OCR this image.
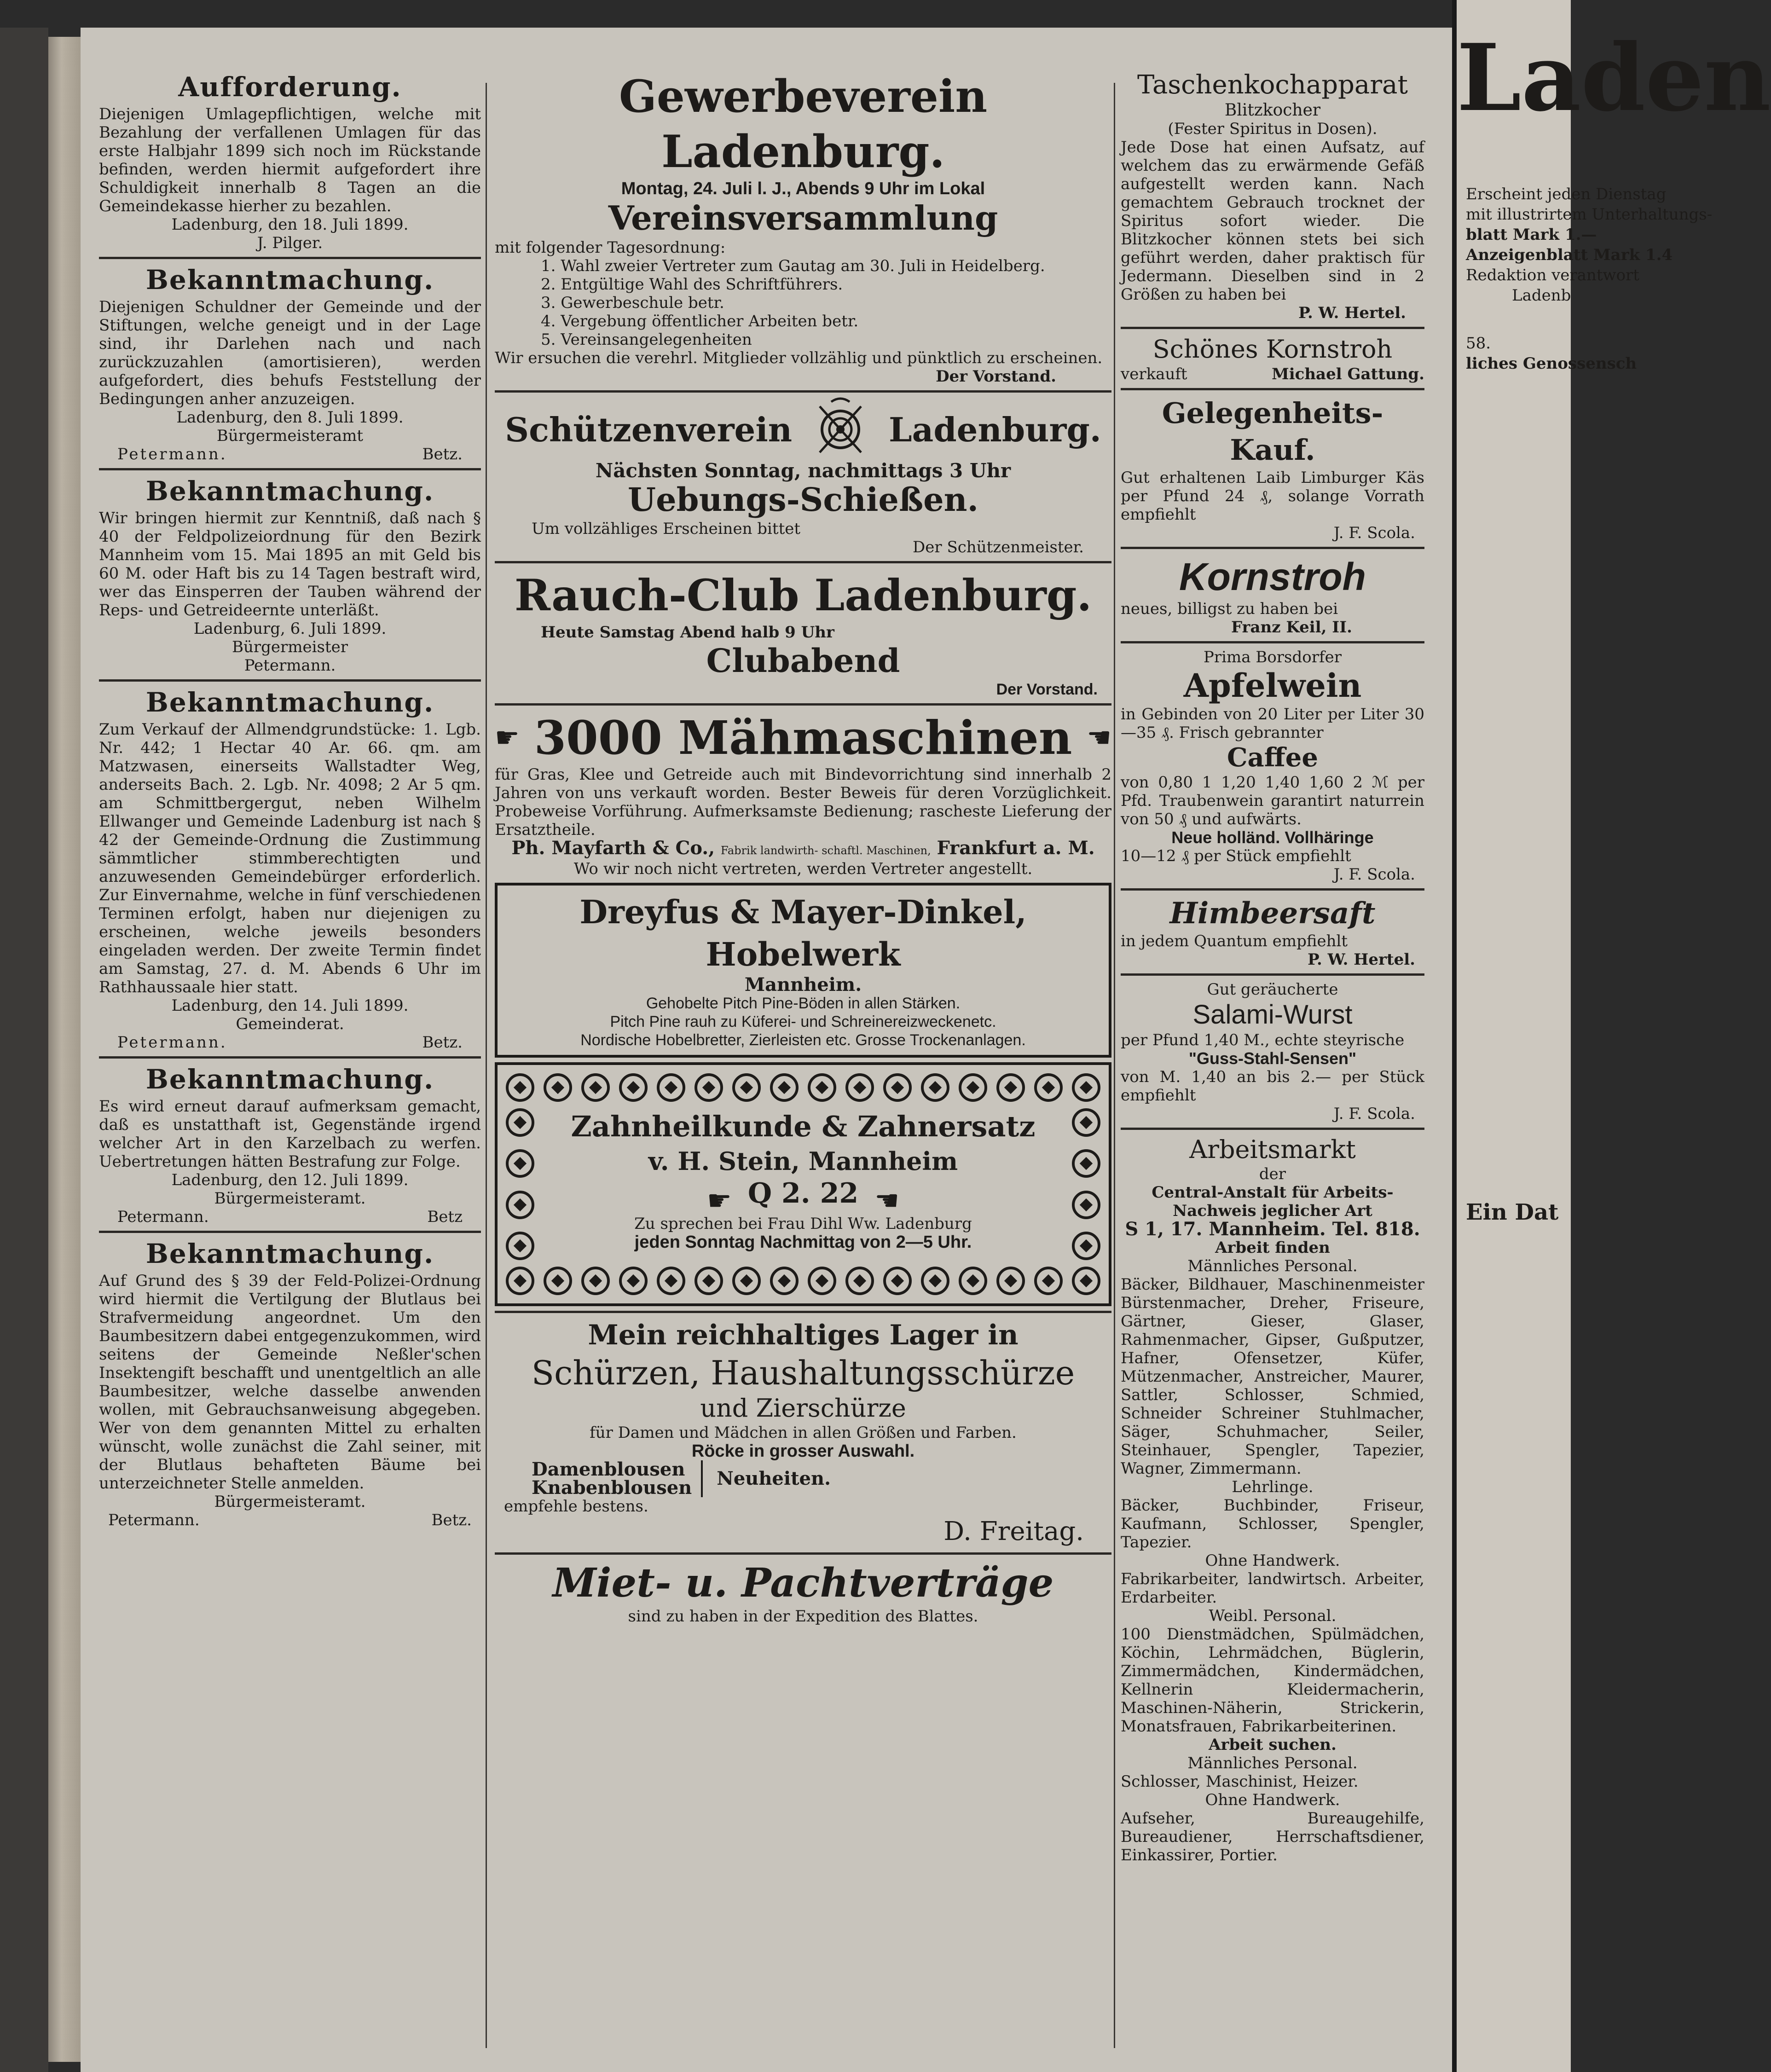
Aufforderung.

Diejenigen Umlagepflichtigen, welche mit Bezahlung der verfallenen Umlagen für das erste Halbjahr 1899 sich noch im Rückstande befinden, werden hiermit aufgefordert ihre Schuldigkeit innerhalb 8 Tagen an die Gemeindekasse hierher zu bezahlen.

Ladenburg, den 18. Juli 1899.

J. Pilger.

Bekanntmachung.

Diejenigen Schuldner der Gemeinde und der Stiftungen, welche geneigt und in der Lage sind, ihr Darlehen nach und nach zurückzuzahlen (amortisieren), werden aufgefordert, dies behufs Feststellung der Bedingungen anher anzuzeigen.

Ladenburg, den 8. Juli 1899.

Bürgermeisteramt

Petermann.	Betz.

Bekanntmachung.

Wir bringen hiermit zur Kenntniß, daß nach § 40 der Feldpolizeiordnung für den Bezirk Mannheim vom 15. Mai 1895 an mit Geld bis 60 M. oder Haft bis zu 14 Tagen bestraft wird, wer das Einsperren der Tauben während der Reps- und Getreideernte unterläßt.

Ladenburg, 6. Juli 1899.

Bürgermeister

Petermann.

Bekanntmachung.

Zum Verkauf der Allmendgrundstücke: 1. Lgb. Nr. 442; 1 Hectar 40 Ar. 66. qm. am Matzwasen, einerseits Wallstadter Weg, anderseits Bach. 2. Lgb. Nr. 4098; 2 Ar 5 qm. am Schmittbergergut, neben Wilhelm Ellwanger und Gemeinde Ladenburg ist nach § 42 der Gemeinde-Ordnung die Zustimmung sämmtlicher stimmberechtigten und anzuwesenden Gemeindebürger erforderlich. Zur Einvernahme, welche in fünf verschiedenen Terminen erfolgt, haben nur diejenigen zu erscheinen, welche jeweils besonders eingeladen werden. Der zweite Termin findet am Samstag, 27. d. M. Abends 6 Uhr im Rathhaussaale hier statt.

Ladenburg, den 14. Juli 1899.

Gemeinderat.

Petermann.	Betz.

Bekanntmachung.

Es wird erneut darauf aufmerksam gemacht, daß es unstatthaft ist, Gegenstände irgend welcher Art in den Karzelbach zu werfen. Uebertretungen hätten Bestrafung zur Folge.

Ladenburg, den 12. Juli 1899.

Bürgermeisteramt.

Petermann.	Betz

Bekanntmachung.

Auf Grund des § 39 der Feld-Polizei-Ordnung wird hiermit die Vertilgung der Blutlaus bei Strafvermeidung angeordnet. Um den Baumbesitzern dabei entgegenzukommen, wird seitens der Gemeinde Neßler'schen Insektengift beschafft und unentgeltlich an alle Baumbesitzer, welche dasselbe anwenden wollen, mit Gebrauchsanweisung abgegeben. Wer von dem genannten Mittel zu erhalten wünscht, wolle zunächst die Zahl seiner, mit der Blutlaus behafteten Bäume bei unterzeichneter Stelle anmelden.

Bürgermeisteramt.

Petermann.	Betz.

Gewerbeverein Ladenburg.

Montag, 24. Juli l. J., Abends 9 Uhr im Lokal

Vereinsversammlung

mit folgender Tagesordnung:

1. Wahl zweier Vertreter zum Gautag am 30. Juli in Heidelberg.

2. Entgültige Wahl des Schriftführers.

3. Gewerbeschule betr.

4. Vergebung öffentlicher Arbeiten betr.

5. Vereinsangelegenheiten

Wir ersuchen die verehrl. Mitglieder vollzählig und pünktlich zu erscheinen.

Der Vorstand.

Schützenverein	Ladenburg.

Nächsten Sonntag, nachmittags 3 Uhr

Uebungs-Schießen.

Um vollzähliges Erscheinen bittet

Der Schützenmeister.

Rauch-Club Ladenburg.

Heute Samstag Abend halb 9 Uhr

Clubabend

Der Vorstand.

☛ 3000 Mähmaschinen ☚

für Gras, Klee und Getreide auch mit Bindevorrichtung sind innerhalb 2 Jahren von uns verkauft worden. Bester Beweis für deren Vorzüglichkeit. Probeweise Vorführung. Aufmerksamste Bedienung; rascheste Lieferung der Ersatztheile.

Ph. Mayfarth & Co., Fabrik landwirth- schaftl. Maschinen, Frankfurt a. M.

Wo wir noch nicht vertreten, werden Vertreter angestellt.

Dreyfus & Mayer-Dinkel, Hobelwerk

Mannheim.

Gehobelte Pitch Pine-Böden in allen Stärken.

Pitch Pine rauh zu Küferei- und Schreinereizweckenetc.

Nordische Hobelbretter, Zierleisten etc. Grosse Trockenanlagen.

Zahnheilkunde & Zahnersatz

v. H. Stein, Mannheim

☛ Q 2. 22 ☚

Zu sprechen bei Frau Dihl Ww. Ladenburg

jeden Sonntag Nachmittag von 2—5 Uhr.

Mein reichhaltiges Lager in

Schürzen, Haushaltungsschürze

und Zierschürze

für Damen und Mädchen in allen Größen und Farben.

Röcke in grosser Auswahl.

Damenblousen

Knabenblousen	Neuheiten.

empfehle bestens.

D. Freitag.

Miet- u. Pachtverträge

sind zu haben in der Expedition des Blattes.

Taschenkochapparat

Blitzkocher

(Fester Spiritus in Dosen).

Jede Dose hat einen Aufsatz, auf welchem das zu erwärmende Gefäß aufgestellt werden kann. Nach gemachtem Gebrauch trocknet der Spiritus sofort wieder. Die Blitzkocher können stets bei sich geführt werden, daher praktisch für Jedermann. Dieselben sind in 2 Größen zu haben bei

P. W. Hertel.

Schönes Kornstroh

verkauft	Michael Gattung.

Gelegenheits-Kauf.

Gut erhaltenen Laib Limburger Käs per Pfund 24 ₰, solange Vorrath empfiehlt

J. F. Scola.

Kornstroh

neues, billigst zu haben bei

Franz Keil, II.

Prima Borsdorfer

Apfelwein

in Gebinden von 20 Liter per Liter 30—35 ₰. Frisch gebrannter

Caffee

von 0,80 1 1,20 1,40 1,60 2 ℳ per Pfd. Traubenwein garantirt naturrein von 50 ₰ und aufwärts.

Neue holländ. Vollhäringe

10—12 ₰ per Stück empfiehlt

J. F. Scola.

Himbeersaft

in jedem Quantum empfiehlt

P. W. Hertel.

Gut geräucherte

Salami-Wurst

per Pfund 1,40 M., echte steyrische

"Guss-Stahl-Sensen"

von M. 1,40 an bis 2.— per Stück empfiehlt

J. F. Scola.

Arbeitsmarkt

der

Central-Anstalt für Arbeits-Nachweis jeglicher Art

S 1, 17. Mannheim. Tel. 818.

Arbeit finden

Männliches Personal.

Bäcker, Bildhauer, Maschinenmeister Bürstenmacher, Dreher, Friseure, Gärtner, Gieser, Glaser, Rahmenmacher, Gipser, Gußputzer, Hafner, Ofensetzer, Küfer, Mützenmacher, Anstreicher, Maurer, Sattler, Schlosser, Schmied, Schneider Schreiner Stuhlmacher, Säger, Schuhmacher, Seiler, Steinhauer, Spengler, Tapezier, Wagner, Zimmermann.

Lehrlinge.

Bäcker, Buchbinder, Friseur, Kaufmann, Schlosser, Spengler, Tapezier.

Ohne Handwerk.

Fabrikarbeiter, landwirtsch. Arbeiter, Erdarbeiter.

Weibl. Personal.

100 Dienstmädchen, Spülmädchen, Köchin, Lehrmädchen, Büglerin, Zimmermädchen, Kindermädchen, Kellnerin Kleidermacherin, Maschinen-Näherin, Strickerin, Monatsfrauen, Fabrikarbeiterinen.

Arbeit suchen.

Männliches Personal.

Schlosser, Maschinist, Heizer.

Ohne Handwerk.

Aufseher, Bureaugehilfe, Bureaudiener, Herrschaftsdiener, Einkassirer, Portier.

Laden
Erscheint jeden Dienstag
mit illustrirtem Unterhaltungs-
blatt Mark 1.—
Anzeigenblatt Mark 1.4
Redaktion verantwort
Ladenb
58.
liches Genossensch
Ein Dat
